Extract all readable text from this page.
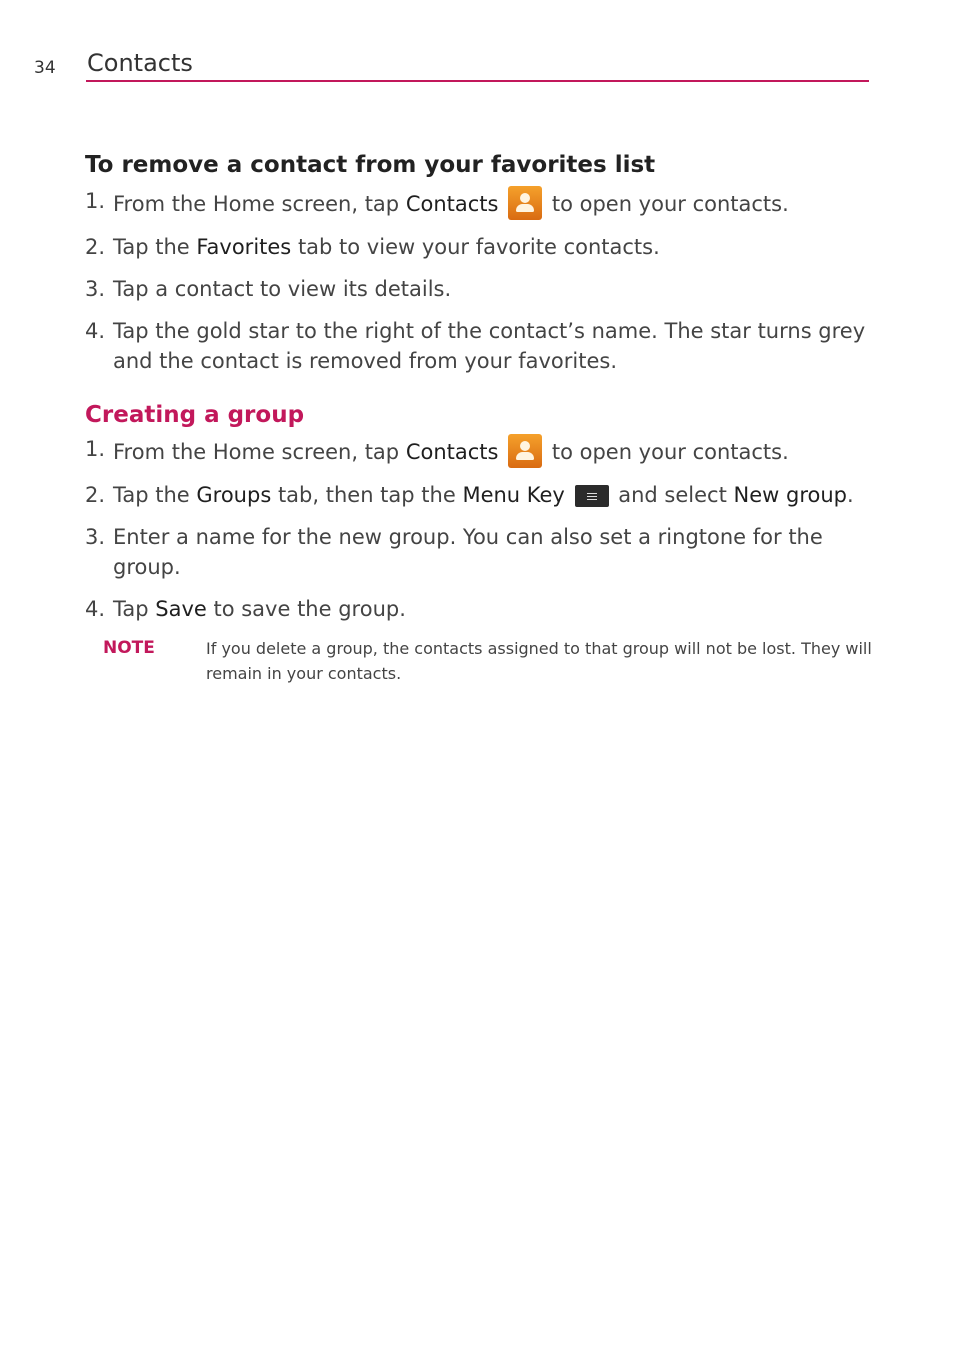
34 Contacts
To remove a contact from your favorites list
1. From the Home screen, tap Contacts	to open your contacts.
2. Tap the Favorites tab to view your favorite contacts.
3. Tap a contact to view its details.
4. Tap the gold star to the right of the contact’s name. The star turns grey and the contact is removed from your favorites.
Creating a group
1. From the Home screen, tap Contacts	to open your contacts.
2. Tap the Groups tab, then tap the Menu Key	and select New group.
3. Enter a name for the new group. You can also set a ringtone for the group.
4. Tap Save to save the group.
NOTE	If you delete a group, the contacts assigned to that group will not be lost. They will remain in your contacts.
